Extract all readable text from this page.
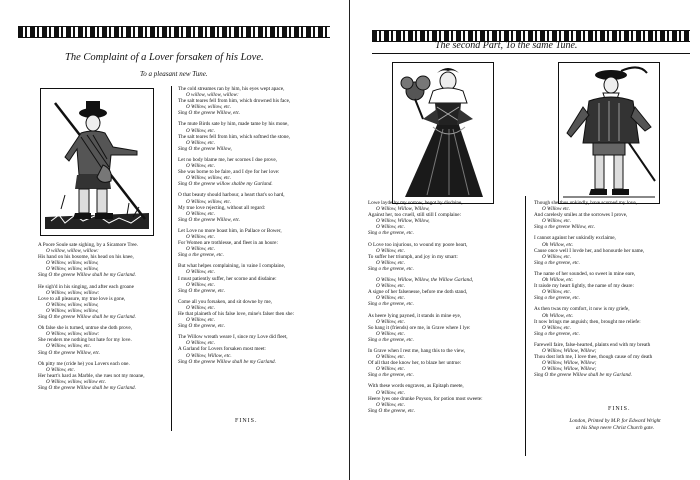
The Complaint of a Lover forsaken of his Love.
To a pleasant new Tune.
A Poore Soule sate sighing, by a Sicamore Tree.
O willow, willow, willow:
His hand on his bosome, his head on his knee,
O Willow, willow, willow,
O Willow, willow, willow,
Sing O the greene Willow shall be my Garland.
He sigh'd in his singing, and after each groane
O Willow, willow, willow:
Love to all pleasure, my true love is gone,
O Willow, willow, willow,
O Willow, willow, willow,
Sing O the greene Willow shall be my Garland.
Oh false she is turned, untrue she doth prove,
O Willow, willow, willow:
She renders me nothing but hate for my love.
O Willow, willow, etc.
Sing O the greene Willow, etc.
Oh pitty me (cride he) you Lovers each one.
O Willow, etc.
Her heart's hard as Marble, she rues not my moane,
O Willow, willow, willow etc.
Sing O the greene Willow shall be my Garland.
The cold streames ran by him, his eyes wept apace,
O willow, willow, willow:
The salt teares fell from him, which drowned his face,
O Willow, willow, etc.
Sing O the greene Willow, etc.
The mute Birds sate by him, made tame by his mone,
O Willow, etc.
The salt teares fell from him, which softned the stone,
O Willow, etc.
Sing O the greene Willow,
Let no body blame me, her scornes I doe prove,
O Willow, etc.
She was borne to be faire, and I dye for her love:
O Willow, willow, etc.
Sing O the greene willow shalbe my Garland.
O that beauty should harbour, a heart that's so hard,
O Willow, willow, etc.
My true love rejecting, without all regard:
O Willow, etc.
Sing O the greene Willow, etc.
Let Love no more boast him, in Pallace or Bower,
O Willow, etc.
For Women are trothlesse, and fleet in an houre:
O Willow, etc.
Sing o the greene, etc.
But what helpes complaining, in vaine I complaine,
O Willow, etc.
I must patiently suffer, her scorne and disdaine:
O Willow, etc.
Sing O the greene, etc.
Come all you forsaken, and sit downe by me,
O Willow, etc.
He that plaineth of his false love, mine's falser then she:
O Willow, etc.
Sing O the greene, etc.
The Willow wreath weare I, since my Love did fleet,
O Willow, etc.
A Garland for Lovers forsaken most meet:
O Willow, Willow, etc.
Sing O the greene Willow shall be my Garland.
FINIS.
The second Part, To the same Tune.
Lowe layde by my sorrow, begot by disdaine,
O Willow, Willow, Willow,
Against her, too cruell, still still I complaine:
O Willow, Willow, Willow,
O Willow, etc.
Sing o the greene, etc.
O Love too injurious, to wound my poore heart,
O Willow, etc.
To suffer her triumph, and joy in my smart:
O Willow, etc.
Sing o the greene, etc.
O Willow, Willow, Willow, the Willow Garland,
O Willow, etc.
A signe of her falsenesse, before me doth stand,
O Willow, etc.
Sing o the greene, etc.
As heere lying payned, it stands in mine eye,
O Willow, etc.
So hang it (friends) ore me, in Grave where I lye:
O Willow, etc.
Sing o the greene, etc.
In Grave when I rest me, hang this to the view,
O Willow, etc.
Of all that doe know her, to blaze her untrue:
O Willow, etc.
Sing o the greene, etc.
With these words engraven, as Epitaph meete,
O Willow, etc.
Heere lyes one drunke Poyson, for potion most sweete:
O Willow, etc.
Sing O the greene, etc.
Though she thus unkindly, have scorned my love,
O Willow etc.
And carelesly smiles at the sorrowes I prove,
O Willow, etc.
Sing o the greene Willow, etc.
I cannot against her unkindly exclaime,
Oh Willow, etc.
Cause once well I lovde her, and honourde her name,
O Willow, etc.
Sing o the greene, etc.
The name of her sounded, so sweet in mine eare,
Oh Willow, etc.
It raisde my heart lightly, the name of my deare:
O Willow, etc.
Sing o the greene, etc.
As then twas my comfort, it now is my griefe,
Oh Willow, etc.
It now brings me anguish; then, brought me reliefe:
O Willow, etc.
Sing o the greene, etc.
Farewell faire, false-hearted, plaints end with my breath
O Willow, Willow, Willow;
Thou dost loth me, I love thee, though cause of my death
O Willow, Willow, Willow;
O Willow, Willow, Willow;
Sing O the greene Willow shall be my Garland.
FINIS.
London, Printed by M.P. for Edward Wright
at his Shop neere Christ Church gate.
